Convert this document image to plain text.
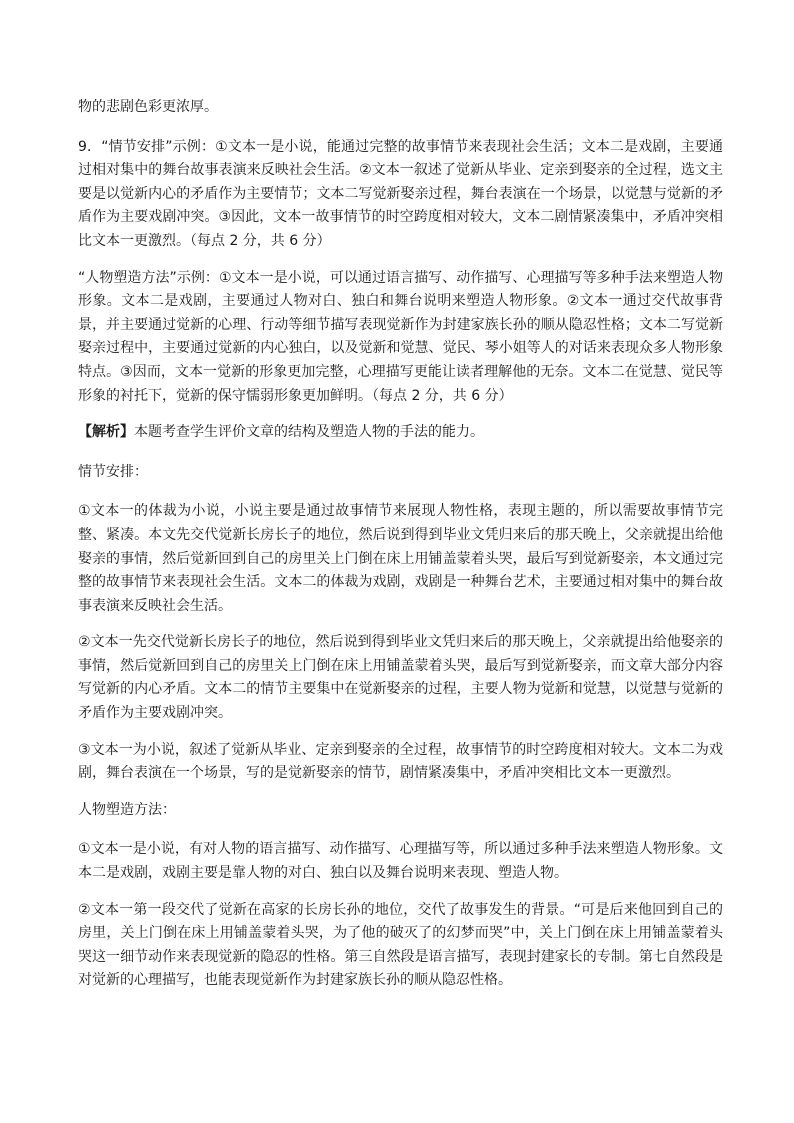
物的悲剧色彩更浓厚。

9．“情节安排”示例：①文本一是小说，能通过完整的故事情节来表现社会生活；文本二是戏剧，主要通过相对集中的舞台故事表演来反映社会生活。②文本一叙述了觉新从毕业、定亲到娶亲的全过程，选文主要是以觉新内心的矛盾作为主要情节；文本二写觉新娶亲过程，舞台表演在一个场景，以觉慧与觉新的矛盾作为主要戏剧冲突。③因此，文本一故事情节的时空跨度相对较大，文本二剧情紧凑集中，矛盾冲突相比文本一更激烈。（每点 2 分，共 6 分）

“人物塑造方法”示例：①文本一是小说，可以通过语言描写、动作描写、心理描写等多种手法来塑造人物形象。文本二是戏剧，主要通过人物对白、独白和舞台说明来塑造人物形象。②文本一通过交代故事背景，并主要通过觉新的心理、行动等细节描写表现觉新作为封建家族长孙的顺从隐忍性格；文本二写觉新娶亲过程中，主要通过觉新的内心独白，以及觉新和觉慧、觉民、琴小姐等人的对话来表现众多人物形象特点。③因而，文本一觉新的形象更加完整，心理描写更能让读者理解他的无奈。文本二在觉慧、觉民等形象的衬托下，觉新的保守懦弱形象更加鲜明。（每点 2 分，共 6 分）

【解析】本题考查学生评价文章的结构及塑造人物的手法的能力。

情节安排：

①文本一的体裁为小说，小说主要是通过故事情节来展现人物性格，表现主题的，所以需要故事情节完整、紧凑。本文先交代觉新长房长子的地位，然后说到得到毕业文凭归来后的那天晚上，父亲就提出给他娶亲的事情，然后觉新回到自己的房里关上门倒在床上用铺盖蒙着头哭，最后写到觉新娶亲，本文通过完整的故事情节来表现社会生活。文本二的体裁为戏剧，戏剧是一种舞台艺术，主要通过相对集中的舞台故事表演来反映社会生活。

②文本一先交代觉新长房长子的地位，然后说到得到毕业文凭归来后的那天晚上，父亲就提出给他娶亲的事情，然后觉新回到自己的房里关上门倒在床上用铺盖蒙着头哭，最后写到觉新娶亲，而文章大部分内容写觉新的内心矛盾。文本二的情节主要集中在觉新娶亲的过程，主要人物为觉新和觉慧，以觉慧与觉新的矛盾作为主要戏剧冲突。

③文本一为小说，叙述了觉新从毕业、定亲到娶亲的全过程，故事情节的时空跨度相对较大。文本二为戏剧，舞台表演在一个场景，写的是觉新娶亲的情节，剧情紧凑集中，矛盾冲突相比文本一更激烈。

人物塑造方法：

①文本一是小说，有对人物的语言描写、动作描写、心理描写等，所以通过多种手法来塑造人物形象。文本二是戏剧，戏剧主要是靠人物的对白、独白以及舞台说明来表现、塑造人物。

②文本一第一段交代了觉新在高家的长房长孙的地位，交代了故事发生的背景。“可是后来他回到自己的房里，关上门倒在床上用铺盖蒙着头哭，为了他的破灭了的幻梦而哭”中，关上门倒在床上用铺盖蒙着头哭这一细节动作来表现觉新的隐忍的性格。第三自然段是语言描写，表现封建家长的专制。第七自然段是对觉新的心理描写，也能表现觉新作为封建家族长孙的顺从隐忍性格。
